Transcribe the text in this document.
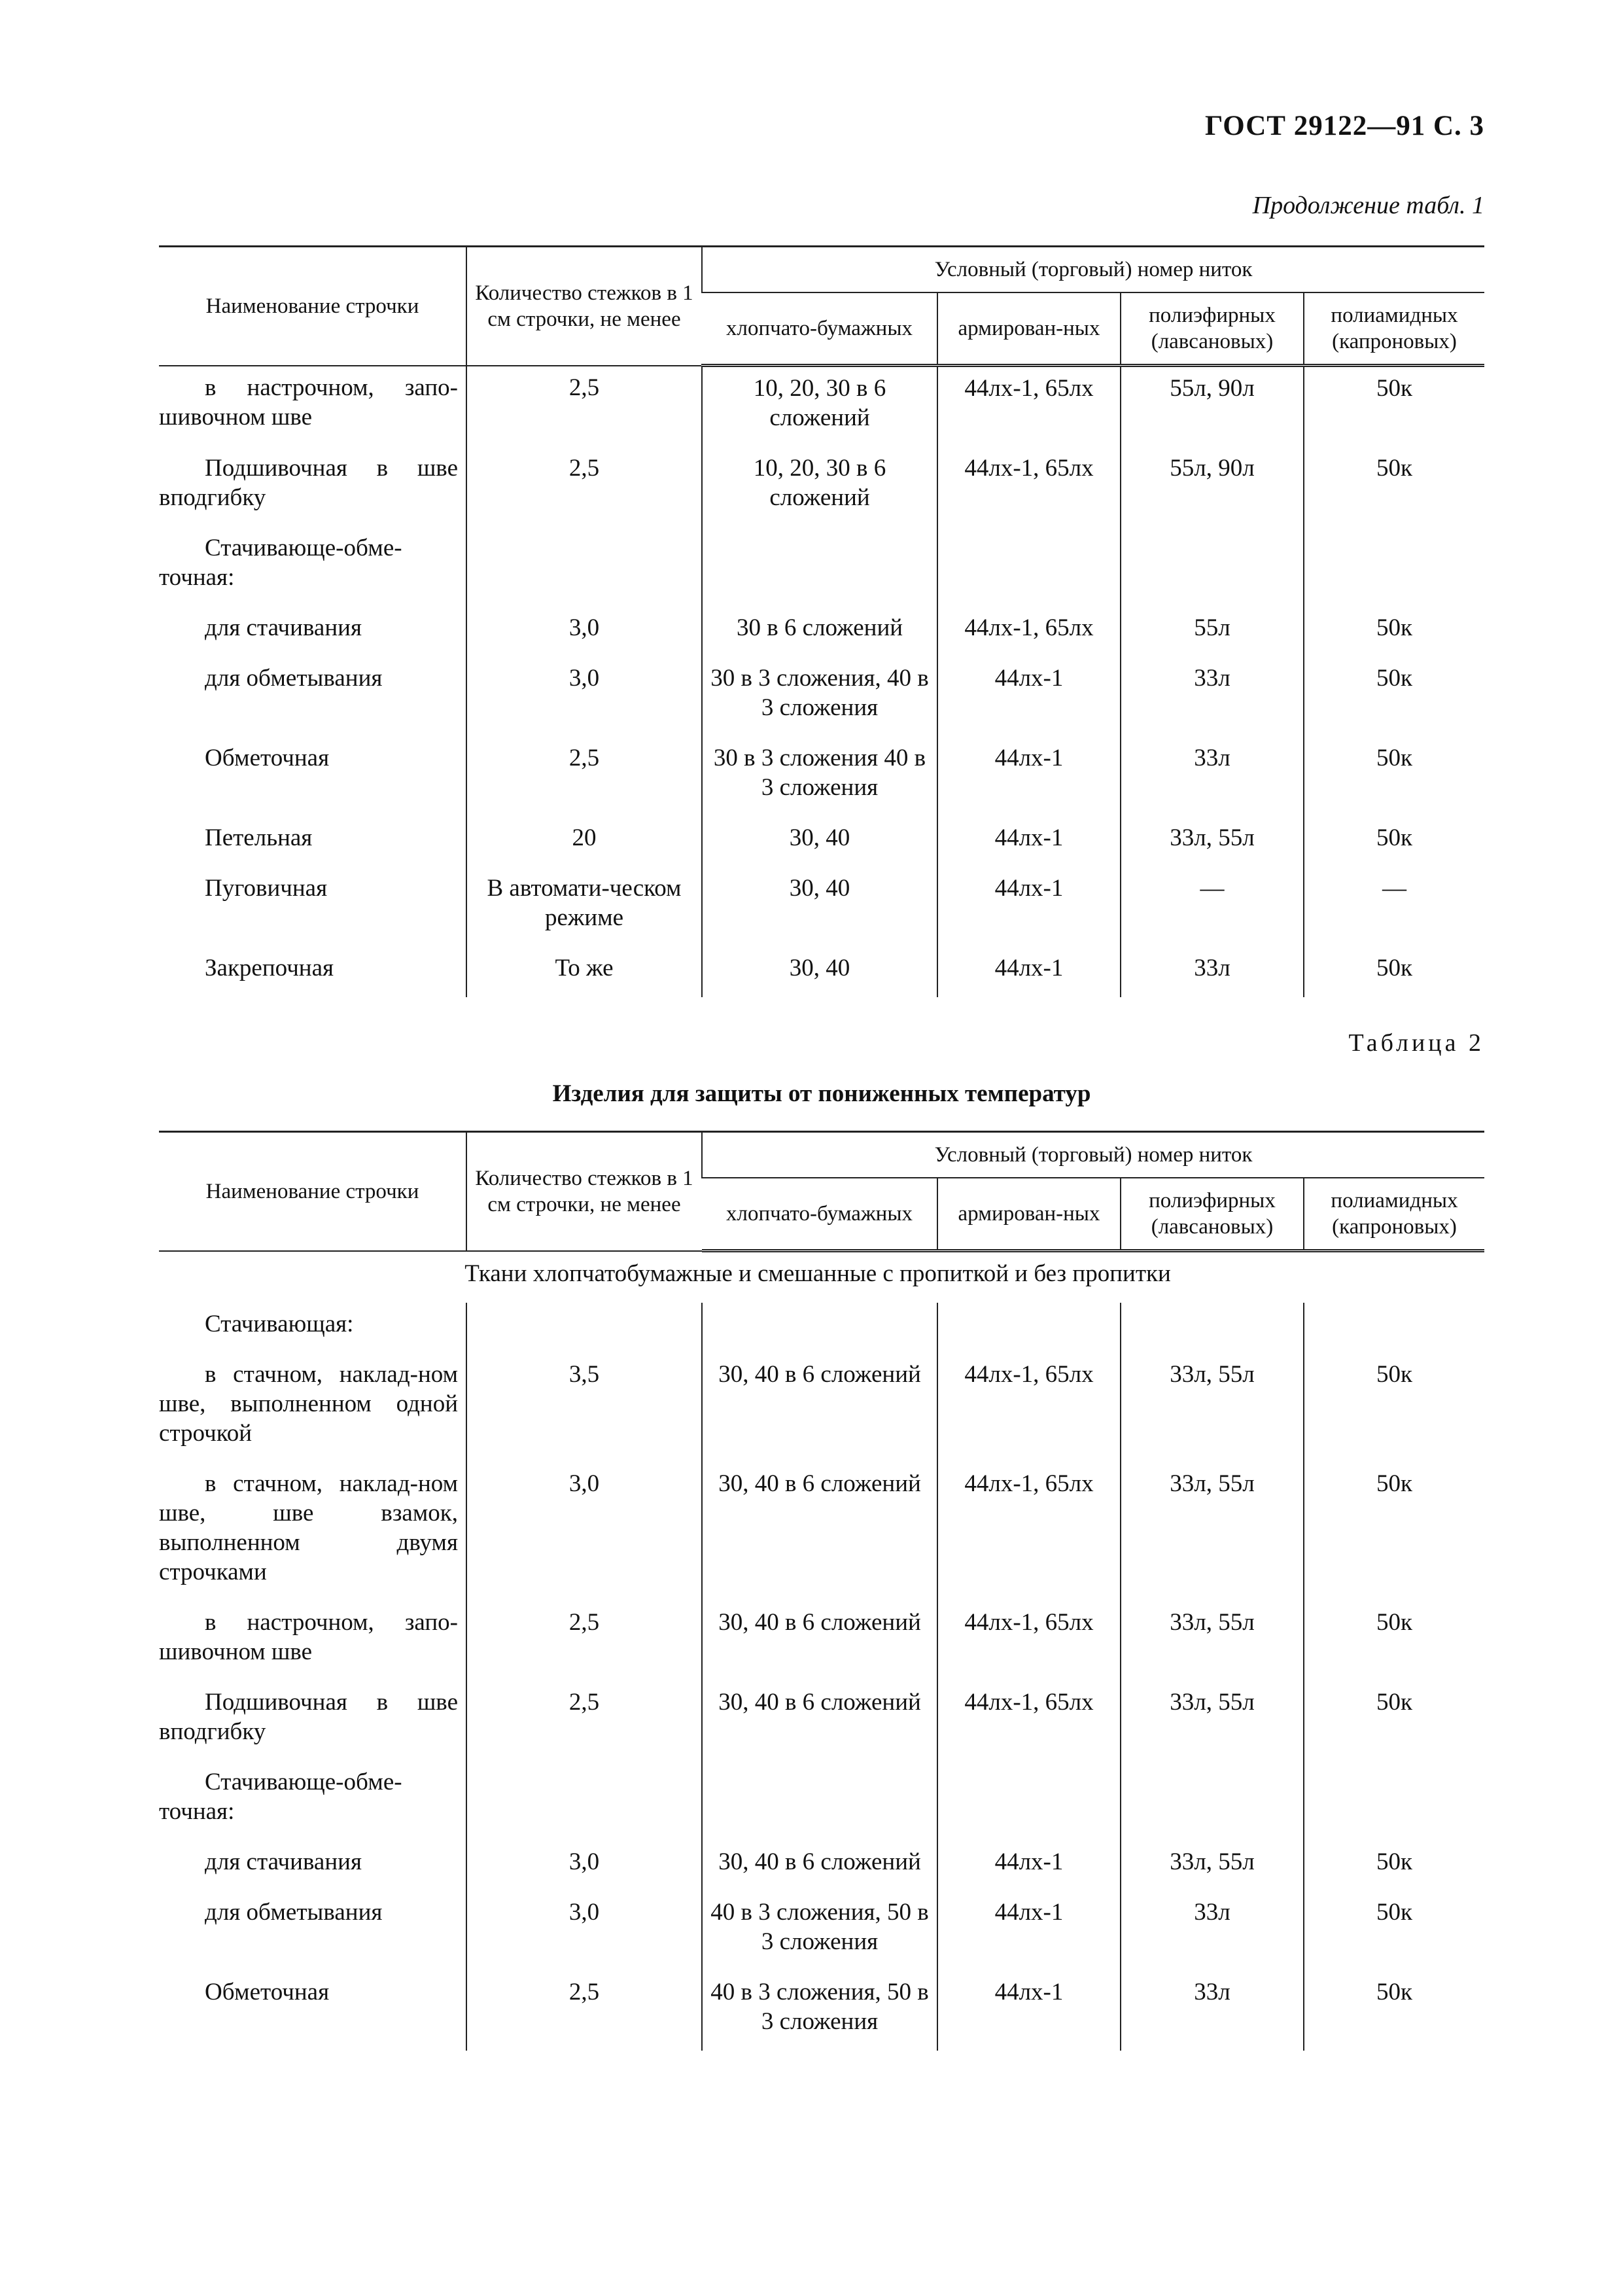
ГОСТ 29122—91 С. 3
Продолжение табл. 1
Наименование строчки	Количество стежков в 1 см строчки, не менее	Условный (торговый) номер ниток			
		хлопчато-бумажных	армирован-ных	полиэфирных (лавсановых)	полиамидных (капроновых)
в настрочном, запо-шивочном шве	2,5	10, 20, 30 в 6 сложений	44лх-1, 65лх	55л, 90л	50к
Подшивочная в шве вподгибку	2,5	10, 20, 30 в 6 сложений	44лх-1, 65лх	55л, 90л	50к
Стачивающе-обме-точная:					
для стачивания	3,0	30 в 6 сложений	44лх-1, 65лх	55л	50к
для обметывания	3,0	30 в 3 сложения, 40 в 3 сложения	44лх-1	33л	50к
Обметочная	2,5	30 в 3 сложения 40 в 3 сложения	44лх-1	33л	50к
Петельная	20	30, 40	44лх-1	33л, 55л	50к
Пуговичная	В автомати-ческом режиме	30, 40	44лх-1	—	—
Закрепочная	То же	30, 40	44лх-1	33л	50к
Таблица 2
Изделия для защиты от пониженных температур
Наименование строчки	Количество стежков в 1 см строчки, не менее	Условный (торговый) номер ниток			
		хлопчато-бумажных	армирован-ных	полиэфирных (лавсановых)	полиамидных (капроновых)
Ткани хлопчатобумажные и смешанные с пропиткой и без пропитки					
Стачивающая:					
в стачном, наклад-ном шве, выполненном одной строчкой	3,5	30, 40 в 6 сложений	44лх-1, 65лх	33л, 55л	50к
в стачном, наклад-ном шве, шве взамок, выполненном двумя строчками	3,0	30, 40 в 6 сложений	44лх-1, 65лх	33л, 55л	50к
в настрочном, запо-шивочном шве	2,5	30, 40 в 6 сложений	44лх-1, 65лх	33л, 55л	50к
Подшивочная в шве вподгибку	2,5	30, 40 в 6 сложений	44лх-1, 65лх	33л, 55л	50к
Стачивающе-обме-точная:					
для стачивания	3,0	30, 40 в 6 сложений	44лх-1	33л, 55л	50к
для обметывания	3,0	40 в 3 сложения, 50 в 3 сложения	44лх-1	33л	50к
Обметочная	2,5	40 в 3 сложения, 50 в 3 сложения	44лх-1	33л	50к
